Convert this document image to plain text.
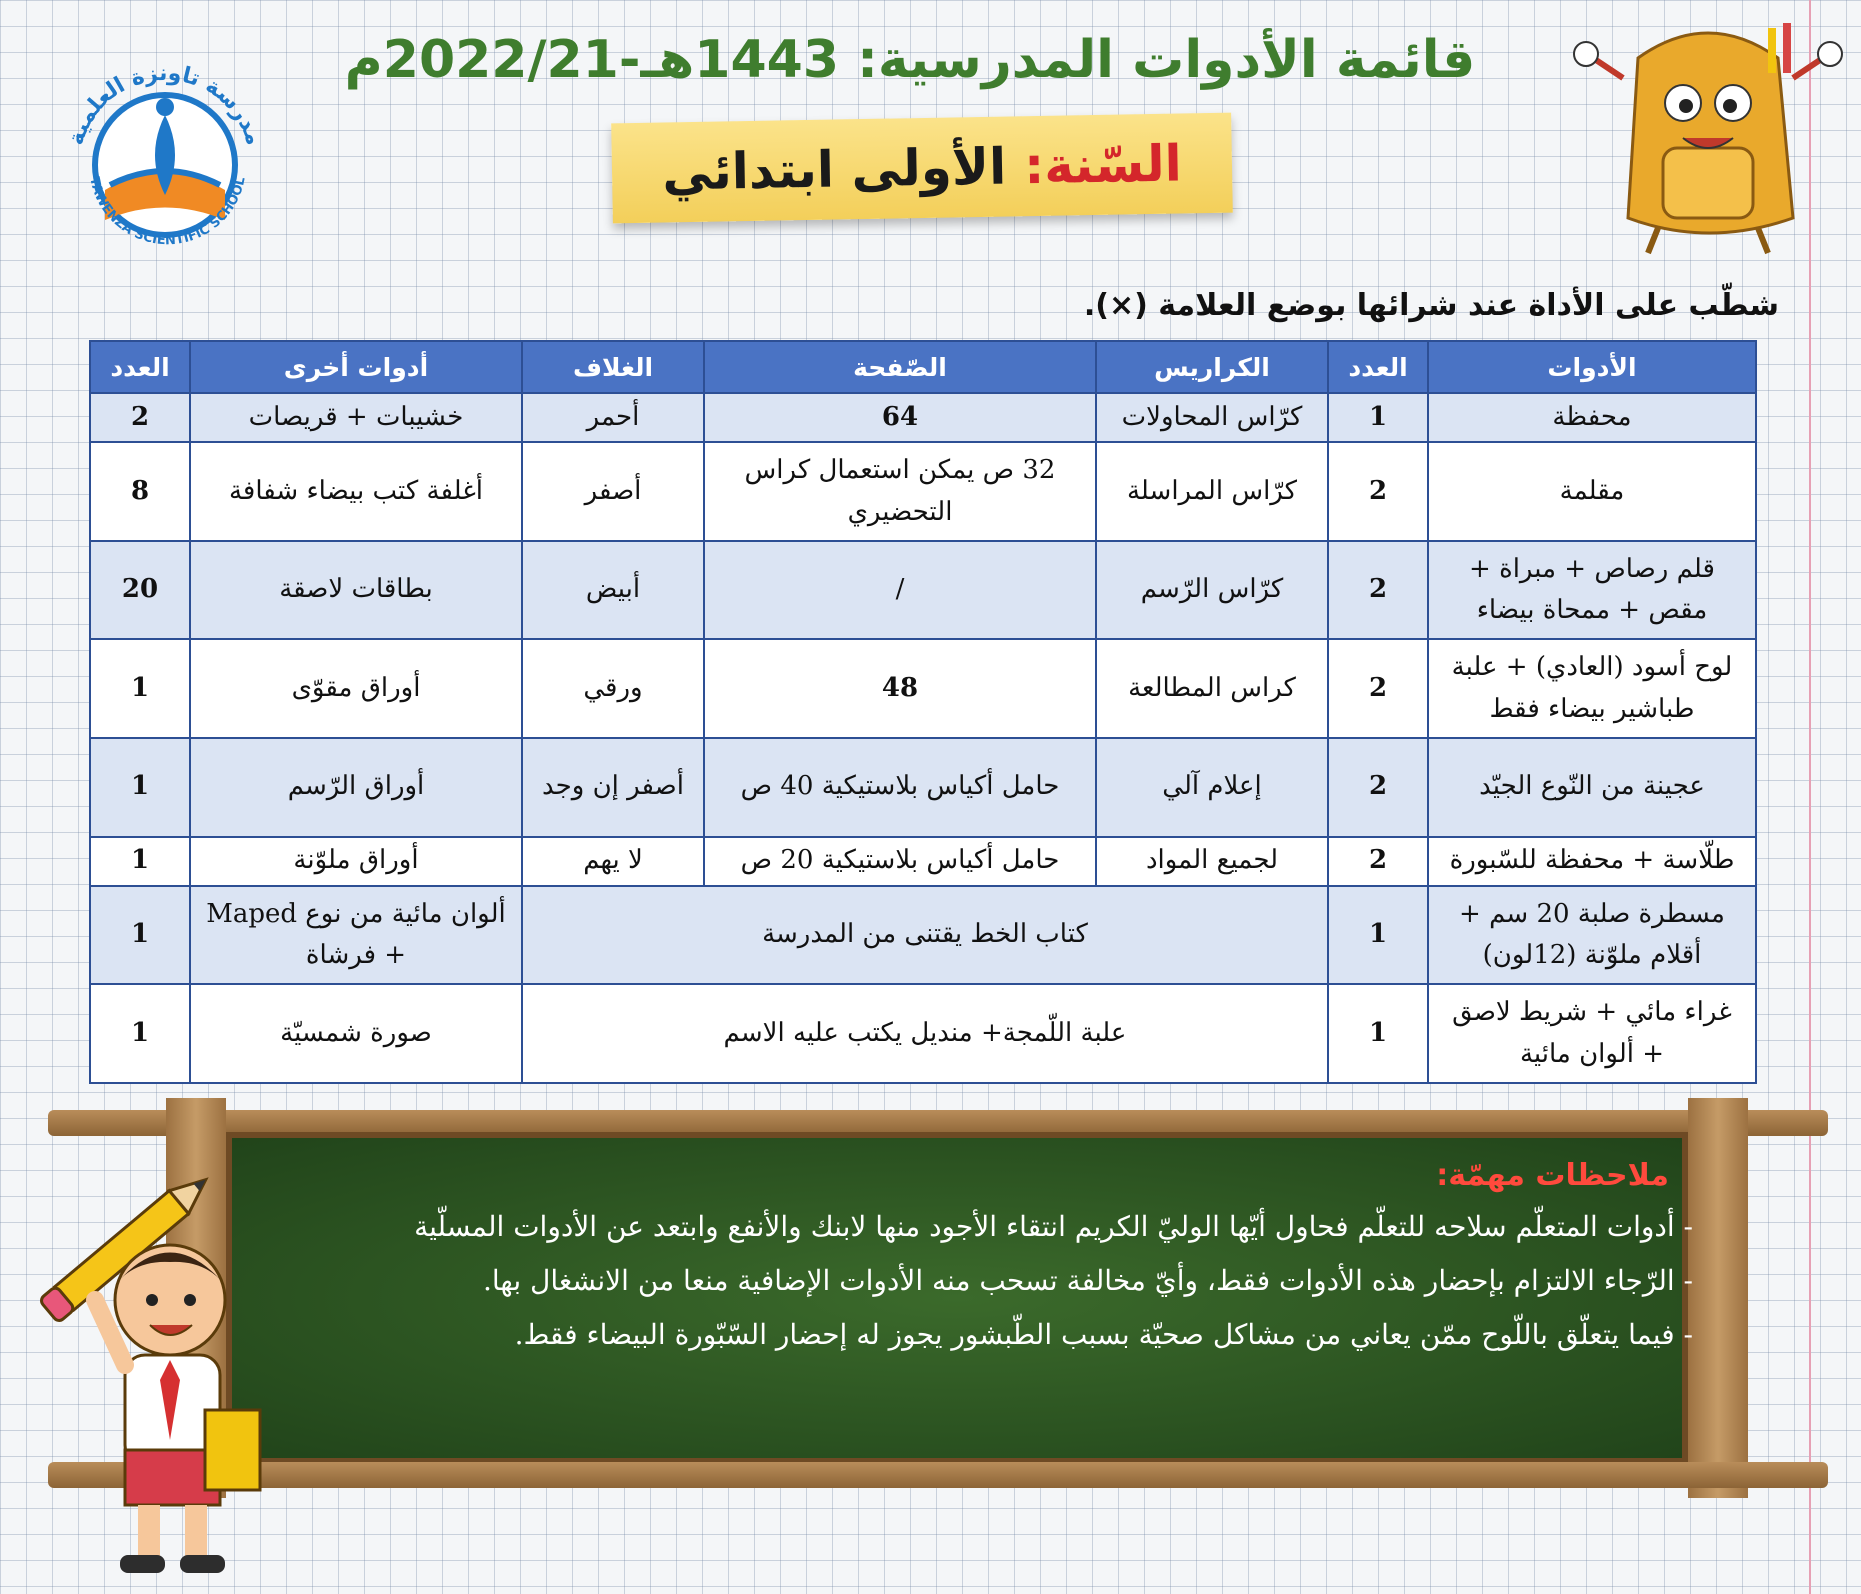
مدرسة تاونزة العلمية
TAWENZA SCIENTIFIC SCHOOL
قائمة الأدوات المدرسية: 1443هـ-2022/21م
السّنة:
الأولى ابتدائي
شطّب على الأداة عند شرائها بوضع العلامة (×).
الأدوات	العدد	الكراريس	الصّفحة	الغلاف	أدوات أخرى	العدد
محفظة	1	كرّاس المحاولات	64	أحمر	خشيبات + قريصات	2
مقلمة	2	كرّاس المراسلة	32 ص يمكن استعمال كراس التحضيري	أصفر	أغلفة كتب بيضاء شفافة	8
قلم رصاص + مبراة + مقص + ممحاة بيضاء	2	كرّاس الرّسم	/	أبيض	بطاقات لاصقة	20
لوح أسود (العادي) + علبة طباشير بيضاء فقط	2	كراس المطالعة	48	ورقي	أوراق مقوّى	1
عجينة من النّوع الجيّد	2	إعلام آلي	حامل أكياس بلاستيكية 40 ص	أصفر إن وجد	أوراق الرّسم	1
طلّاسة + محفظة للسّبورة	2	لجميع المواد	حامل أكياس بلاستيكية 20 ص	لا يهم	أوراق ملوّنة	1
مسطرة صلبة 20 سم + أقلام ملوّنة (12لون)	1	كتاب الخط يقتنى من المدرسة			ألوان مائية من نوع Maped + فرشاة	1
غراء مائي + شريط لاصق + ألوان مائية	1	علبة اللّمجة+ منديل يكتب عليه الاسم			صورة شمسيّة	1
ملاحظات مهمّة:
- أدوات المتعلّم سلاحه للتعلّم فحاول أيّها الوليّ الكريم انتقاء الأجود منها لابنك والأنفع وابتعد عن الأدوات المسلّية
- الرّجاء الالتزام بإحضار هذه الأدوات فقط، وأيّ مخالفة تسحب منه الأدوات الإضافية منعا من الانشغال بها.
- فيما يتعلّق باللّوح ممّن يعاني من مشاكل صحيّة بسبب الطّبشور يجوز له إحضار السّبّورة البيضاء فقط.
